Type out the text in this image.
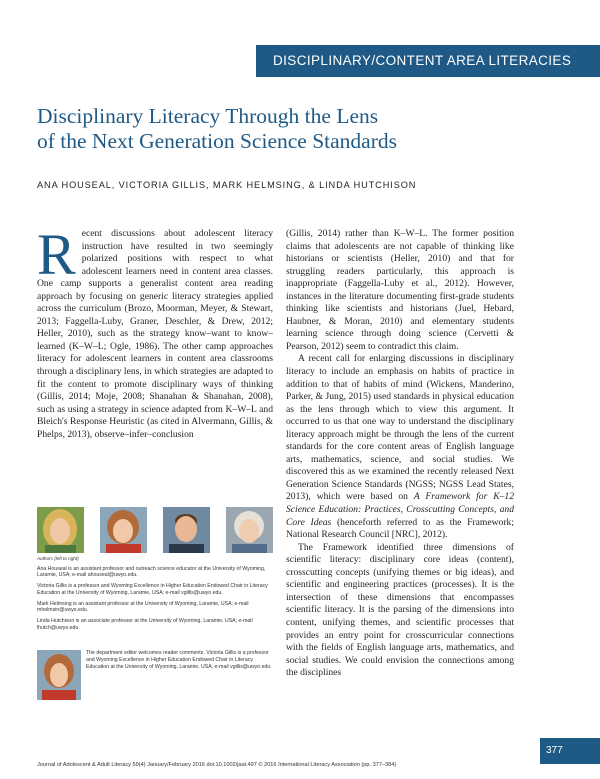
DISCIPLINARY/CONTENT AREA LITERACIES
Disciplinary Literacy Through the Lens
of the Next Generation Science Standards
ANA HOUSEAL, VICTORIA GILLIS, MARK HELMSING, & LINDA HUTCHISON
R ecent discussions about adolescent literacy instruction have resulted in two seemingly polarized positions with respect to what adolescent learners need in content area classes. One camp supports a generalist content area reading approach by focusing on generic literacy strategies applied across the curriculum (Brozo, Moorman, Meyer, & Stewart, 2013; Faggella-Luby, Graner, Deschler, & Drew, 2012; Heller, 2010), such as the strategy know–want to know–learned (K–W–L; Ogle, 1986). The other camp approaches literacy for adolescent learners in content area classrooms through a disciplinary lens, in which strategies are adapted to fit the content to promote disciplinary ways of thinking (Gillis, 2014; Moje, 2008; Shanahan & Shanahan, 2008), such as using a strategy in science adapted from K–W–L and Bleich's Response Heuristic (as cited in Alvermann, Gillis, & Phelps, 2013), observe–infer–conclusion

(Gillis, 2014) rather than K–W–L. The former position claims that adolescents are not capable of thinking like historians or scientists (Heller, 2010) and that for struggling readers particularly, this approach is inappropriate (Faggella-Luby et al., 2012). However, instances in the literature documenting first-grade students thinking like scientists and historians (Juel, Hebard, Haubner, & Moran, 2010) and elementary students learning science through doing science (Cervetti & Pearson, 2012) seem to contradict this claim.

A recent call for enlarging discussions in disciplinary literacy to include an emphasis on habits of practice in addition to that of habits of mind (Wickens, Manderino, Parker, & Jung, 2015) used standards in physical education as the lens through which to view this argument. It occurred to us that one way to understand the disciplinary literacy approach might be through the lens of the current standards for the core content areas of English language arts, mathematics, science, and social studies. We discovered this as we examined the recently released Next Generation Science Standards (NGSS; NGSS Lead States, 2013), which were based on A Framework for K–12 Science Education: Practices, Crosscutting Concepts, and Core Ideas (henceforth referred to as the Framework; National Research Council [NRC], 2012).

The Framework identified three dimensions of scientific literacy: disciplinary core ideas (content), crosscutting concepts (unifying themes or big ideas), and scientific and engineering practices (processes). It is the intersection of these dimensions that encompasses scientific literacy. It is the parsing of the dimensions into content, unifying themes, and scientific processes that provides an entry point for crosscurricular connections with the fields of English language arts, mathematics, and social studies. We could envision the connections among the disciplines

Authors (left to right)

Ana Houseal is an assistant professor and outreach science educator at the University of Wyoming, Laramie, USA; e-mail ahouseal@uwyo.edu.

Victoria Gillis is a professor and Wyoming Excellence in Higher Education Endowed Chair in Literacy Education at the University of Wyoming, Laramie, USA; e-mail vgillis@uwyo.edu.

Mark Helmsing is an assistant professor at the University of Wyoming, Laramie, USA; e-mail mhelmsin@uwyo.edu.

Linda Hutchison is an associate professor at the University of Wyoming, Laramie, USA; e-mail lhutch@uwyo.edu.

The department editor welcomes reader comments. Victoria Gillis is a professor and Wyoming Excellence in Higher Education Endowed Chair in Literacy Education at the University of Wyoming, Laramie, USA; e-mail vgillis@uwyo.edu.
377
Journal of Adolescent & Adult Literacy 59(4) January/February 2016 doi:10.1002/jaal.497 © 2016 International Literacy Association (pp. 377–384)
